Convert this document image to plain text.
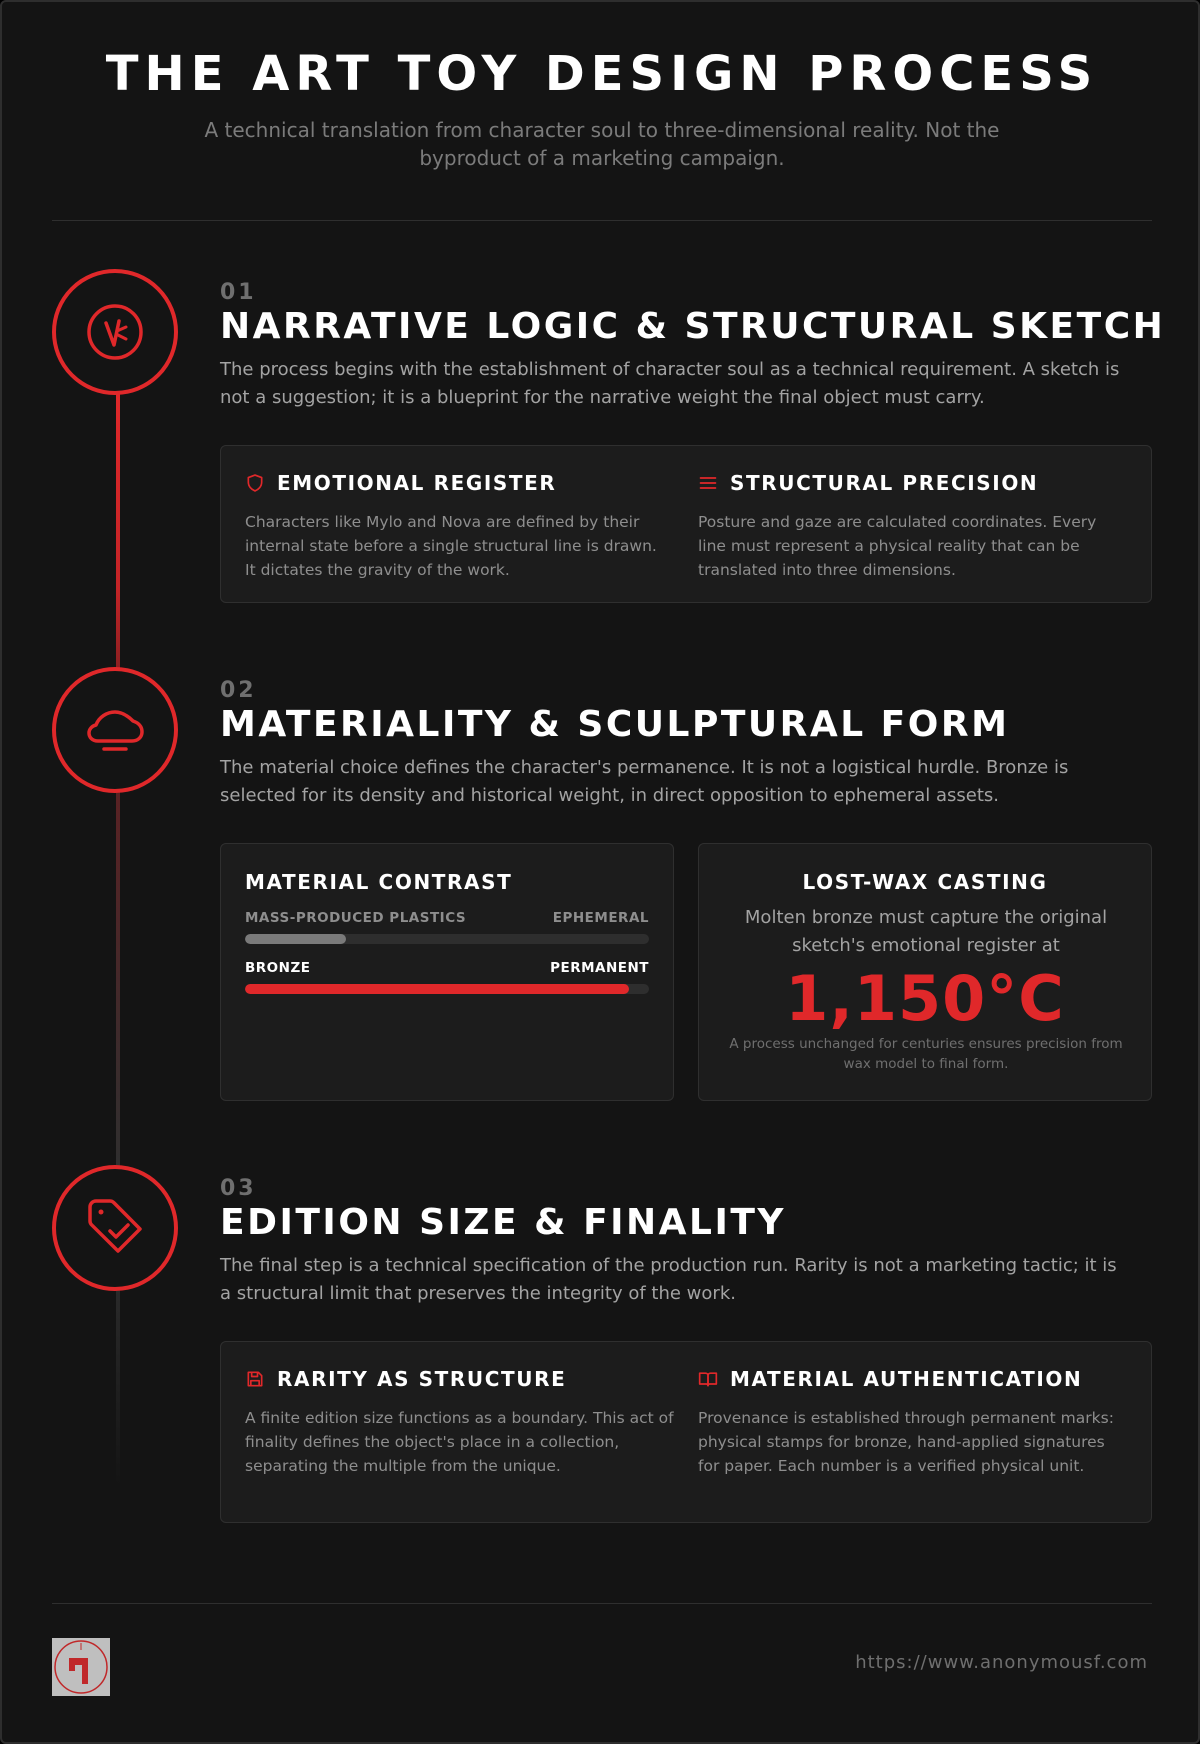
THE ART TOY DESIGN PROCESS
A technical translation from character soul to three-dimensional reality. Not the byproduct of a marketing campaign.
01
NARRATIVE LOGIC & STRUCTURAL SKETCH
The process begins with the establishment of character soul as a technical requirement. A sketch is not a suggestion; it is a blueprint for the narrative weight the final object must carry.
EMOTIONAL REGISTER
Characters like Mylo and Nova are defined by their internal state before a single structural line is drawn. It dictates the gravity of the work.
STRUCTURAL PRECISION
Posture and gaze are calculated coordinates. Every line must represent a physical reality that can be translated into three dimensions.
02
MATERIALITY & SCULPTURAL FORM
The material choice defines the character's permanence. It is not a logistical hurdle. Bronze is selected for its density and historical weight, in direct opposition to ephemeral assets.
MATERIAL CONTRAST
MASS-PRODUCED PLASTICS	EPHEMERAL
BRONZE	PERMANENT
LOST-WAX CASTING
Molten bronze must capture the original sketch's emotional register at
1,150°C
A process unchanged for centuries ensures precision from wax model to final form.
03
EDITION SIZE & FINALITY
The final step is a technical specification of the production run. Rarity is not a marketing tactic; it is a structural limit that preserves the integrity of the work.
RARITY AS STRUCTURE
A finite edition size functions as a boundary. This act of finality defines the object's place in a collection, separating the multiple from the unique.
MATERIAL AUTHENTICATION
Provenance is established through permanent marks: physical stamps for bronze, hand-applied signatures for paper. Each number is a verified physical unit.
https://www.anonymousf.com
